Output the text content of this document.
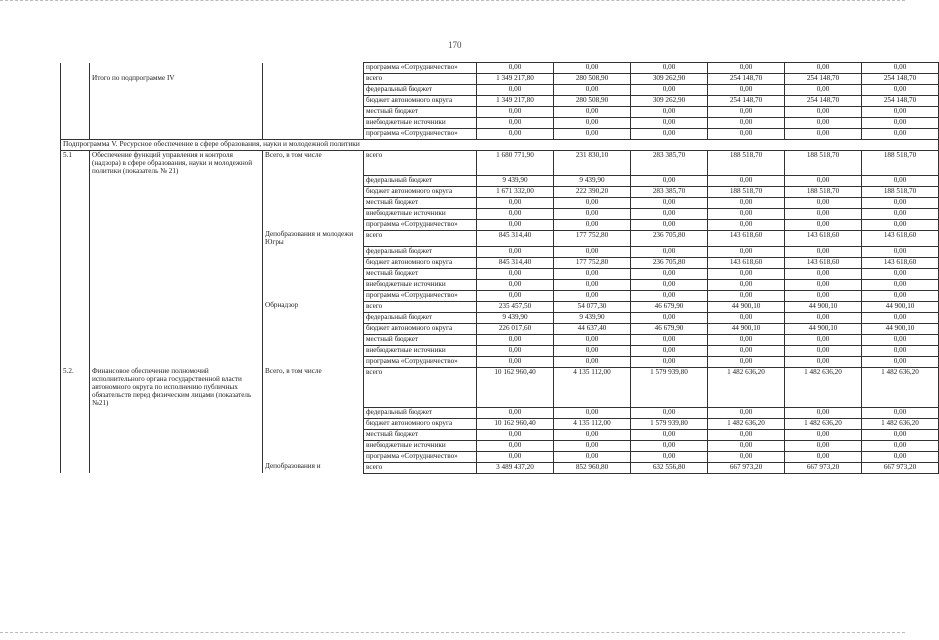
170
			программа «Сотрудничество»	0,00	0,00	0,00	0,00	0,00	0,00
	Итого по подпрограмме IV		всего	1 349 217,80	280 508,90	309 262,90	254 148,70	254 148,70	254 148,70
			федеральный бюджет	0,00	0,00	0,00	0,00	0,00	0,00
			бюджет автономного округа	1 349 217,80	280 508,90	309 262,90	254 148,70	254 148,70	254 148,70
			местный бюджет	0,00	0,00	0,00	0,00	0,00	0,00
			внебюджетные источники	0,00	0,00	0,00	0,00	0,00	0,00
			программа «Сотрудничество»	0,00	0,00	0,00	0,00	0,00	0,00
Подпрограмма V. Ресурсное обеспечение в сфере образования, науки и молодежной политики									
5.1	Обеспечение функций управления и контроля (надзора) в сфере образования, науки и молодежной политики (показатель № 21)	Всего, в том числе	всего	1 680 771,90	231 830,10	283 385,70	188 518,70	188 518,70	188 518,70
			федеральный бюджет	9 439,90	9 439,90	0,00	0,00	0,00	0,00
			бюджет автономного округа	1 671 332,00	222 390,20	283 385,70	188 518,70	188 518,70	188 518,70
			местный бюджет	0,00	0,00	0,00	0,00	0,00	0,00
			внебюджетные источники	0,00	0,00	0,00	0,00	0,00	0,00
			программа «Сотрудничество»	0,00	0,00	0,00	0,00	0,00	0,00
		Депобразования и молодежи Югры	всего	845 314,40	177 752,80	236 705,80	143 618,60	143 618,60	143 618,60
			федеральный бюджет	0,00	0,00	0,00	0,00	0,00	0,00
			бюджет автономного округа	845 314,40	177 752,80	236 705,80	143 618,60	143 618,60	143 618,60
			местный бюджет	0,00	0,00	0,00	0,00	0,00	0,00
			внебюджетные источники	0,00	0,00	0,00	0,00	0,00	0,00
			программа «Сотрудничество»	0,00	0,00	0,00	0,00	0,00	0,00
		Обрнадзор	всего	235 457,50	54 077,30	46 679,90	44 900,10	44 900,10	44 900,10
			федеральный бюджет	9 439,90	9 439,90	0,00	0,00	0,00	0,00
			бюджет автономного округа	226 017,60	44 637,40	46 679,90	44 900,10	44 900,10	44 900,10
			местный бюджет	0,00	0,00	0,00	0,00	0,00	0,00
			внебюджетные источники	0,00	0,00	0,00	0,00	0,00	0,00
			программа «Сотрудничество»	0,00	0,00	0,00	0,00	0,00	0,00
5.2.	Финансовое обеспечение полномочий исполнительного органа государственной власти автономного округа по исполнению публичных обязательств перед физическим лицами (показатель №21)	Всего, в том числе	всего	10 162 960,40	4 135 112,00	1 579 939,80	1 482 636,20	1 482 636,20	1 482 636,20
			федеральный бюджет	0,00	0,00	0,00	0,00	0,00	0,00
			бюджет автономного округа	10 162 960,40	4 135 112,00	1 579 939,80	1 482 636,20	1 482 636,20	1 482 636,20
			местный бюджет	0,00	0,00	0,00	0,00	0,00	0,00
			внебюджетные источники	0,00	0,00	0,00	0,00	0,00	0,00
			программа «Сотрудничество»	0,00	0,00	0,00	0,00	0,00	0,00
		Депобразования и	всего	3 489 437,20	852 960,80	632 556,80	667 973,20	667 973,20	667 973,20
